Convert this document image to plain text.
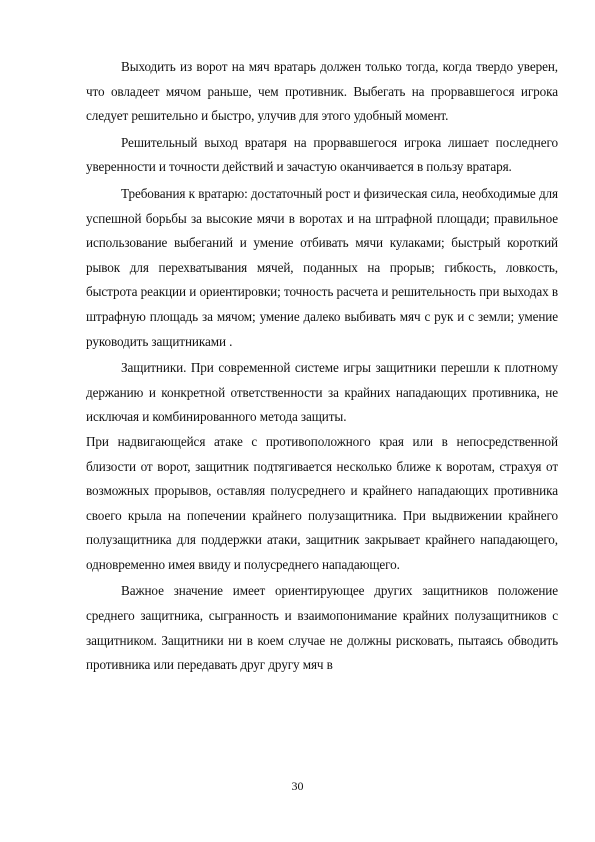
Выходить из ворот на мяч вратарь должен только тогда, когда твердо уверен, что овладеет мячом раньше, чем противник. Выбегать на прорвавшегося игрока следует решительно и быстро, улучив для этого удобный момент.

Решительный выход вратаря на прорвавшегося игрока лишает последнего уверенности и точности действий и зачастую оканчивается в пользу вратаря.

Требования к вратарю: достаточный рост и физическая сила, необходимые для успешной борьбы за высокие мячи в воротах и на штрафной площади; правильное использование выбеганий и умение отбивать мячи кулаками; быстрый короткий рывок для перехватывания мячей, поданных на прорыв; гибкость, ловкость, быстрота реакции и ориентировки; точность расчета и решительность при выходах в штрафную площадь за мячом; умение далеко выбивать мяч с рук и с земли; умение руководить защитниками .

Защитники. При современной системе игры защитники перешли к плотному держанию и конкретной ответственности за крайних нападающих противника, не исключая и комбинированного метода защиты.

При надвигающейся атаке с противоположного края или в непосредственной близости от ворот, защитник подтягивается несколько ближе к воротам, страхуя от возможных прорывов, оставляя полусреднего и крайнего нападающих противника своего крыла на попечении крайнего полузащитника. При выдвижении крайнего полузащитника для поддержки атаки, защитник закрывает крайнего нападающего, одновременно имея ввиду и полусреднего нападающего.

Важное значение имеет ориентирующее других защитников положение среднего защитника, сыгранность и взаимопонимание крайних полузащитников с защитником. Защитники ни в коем случае не должны рисковать, пытаясь обводить противника или передавать друг другу мяч в

30
